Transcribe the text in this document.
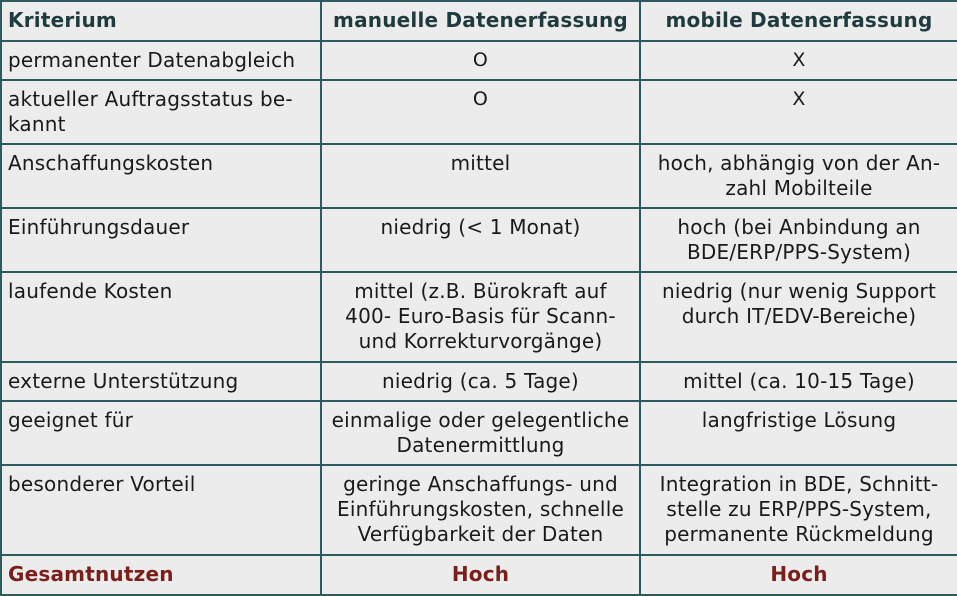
Kriterium	manuelle Datenerfassung	mobile Datenerfassung
permanenter Datenabgleich	O	X
aktueller Auftragsstatus be-kannt	O	X
Anschaffungskosten	mittel	hoch, abhängig von der An-zahl Mobilteile
Einführungsdauer	niedrig (< 1 Monat)	hoch (bei Anbindung an BDE/ERP/PPS-System)
laufende Kosten	mittel (z.B. Bürokraft auf 400- Euro-Basis für Scann-und Korrekturvorgänge)	niedrig (nur wenig Support durch IT/EDV-Bereiche)
externe Unterstützung	niedrig (ca. 5 Tage)	mittel (ca. 10-15 Tage)
geeignet für	einmalige oder gelegentliche Datenermittlung	langfristige Lösung
besonderer Vorteil	geringe Anschaffungs- und Einführungskosten, schnelle Verfügbarkeit der Daten	Integration in BDE, Schnitt-stelle zu ERP/PPS-System, permanente Rückmeldung
Gesamtnutzen	Hoch	Hoch
